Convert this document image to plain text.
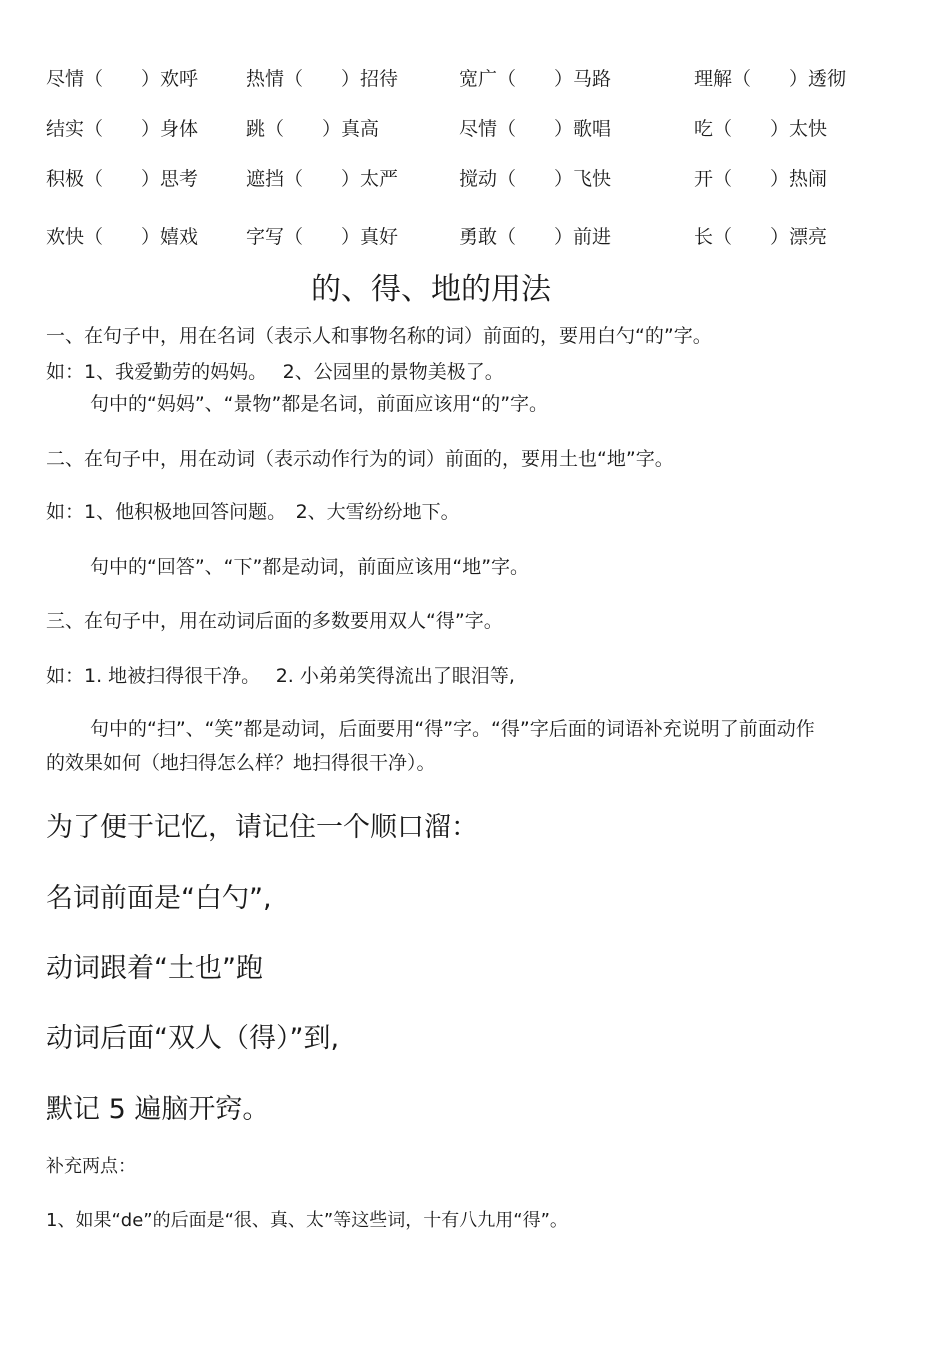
尽情（　　）欢呼	热情（　　）招待	宽广（　　）马路	理解（　　）透彻
结实（　　）身体	跳（　　）真高	尽情（　　）歌唱	吃（　　）太快
积极（　　）思考	遮挡（　　）太严	搅动（　　）飞快	开（　　）热闹
欢快（　　）嬉戏	字写（　　）真好	勇敢（　　）前进	长（　　）漂亮
的、得、地的用法
一、在句子中，用在名词（表示人和事物名称的词）前面的，要用白勺“的”字。
如：1、我爱勤劳的妈妈。　 2、公园里的景物美极了。
句中的“妈妈”、“景物”都是名词，前面应该用“的”字。
二、在句子中，用在动词（表示动作行为的词）前面的，要用土也“地”字。
如：1、他积极地回答问题。　2、大雪纷纷地下。
句中的“回答”、“下”都是动词，前面应该用“地”字。
三、在句子中，用在动词后面的多数要用双人“得”字。
如：1. 地被扫得很干净。　 2. 小弟弟笑得流出了眼泪等,
句中的“扫”、“笑”都是动词，后面要用“得”字。“得”字后面的词语补充说明了前面动作
的效果如何（地扫得怎么样？地扫得很干净）。
为了便于记忆，请记住一个顺口溜：
名词前面是“白勺”,
动词跟着“土也”跑
动词后面“双人（得）”到,
默记 5 遍脑开窍。
补充两点：
1、如果“de”的后面是“很、真、太”等这些词，十有八九用“得”。
